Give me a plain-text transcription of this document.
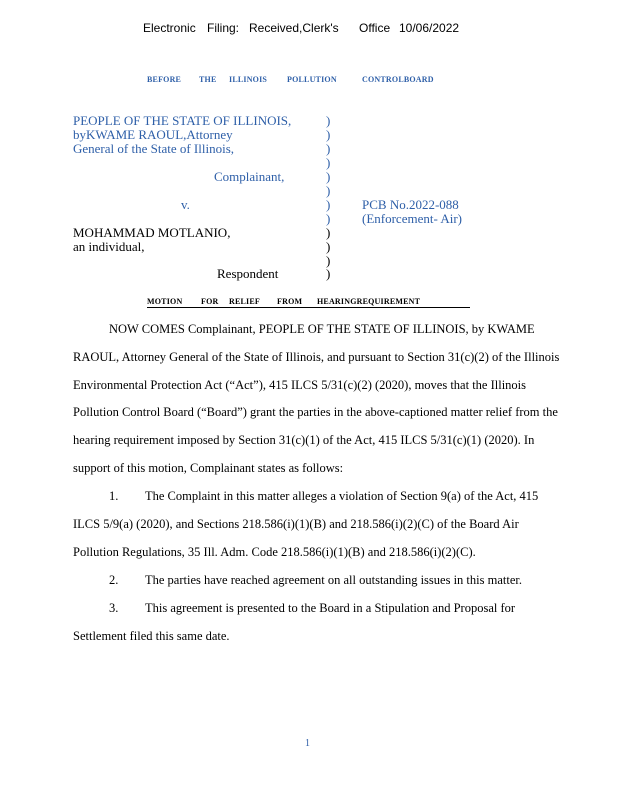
Electronic Filing: Received,Clerk's Office 10/06/2022
BEFORE THE ILLINOIS POLLUTION	CONTROLBOARD
PEOPLE OF THE STATE OF ILLINOIS,
byKWAME RAOUL,Attorney
General of the State of Illinois,
Complainant,
v.
MOHAMMAD MOTLANIO,
an individual,
Respondent
PCB No.2022-088
(Enforcement- Air)
)
)
)
)
)
)
)
)
)
)
)
)
MOTION FOR RELIEF FROM HEARINGREQUIREMENT
NOW COMES Complainant, PEOPLE OF THE STATE OF ILLINOIS, by KWAME
RAOUL, Attorney General of the State of Illinois, and pursuant to Section 31(c)(2) of the Illinois
Environmental Protection Act (“Act”), 415 ILCS 5/31(c)(2) (2020), moves that the Illinois
Pollution Control Board (“Board”) grant the parties in the above-captioned matter relief from the
hearing requirement imposed by Section 31(c)(1) of the Act, 415 ILCS 5/31(c)(1) (2020). In
support of this motion, Complainant states as follows:
1. The Complaint in this matter alleges a violation of Section 9(a) of the Act, 415
ILCS 5/9(a) (2020), and Sections 218.586(i)(1)(B) and 218.586(i)(2)(C) of the Board Air
Pollution Regulations, 35 Ill. Adm. Code 218.586(i)(1)(B) and 218.586(i)(2)(C).
2. The parties have reached agreement on all outstanding issues in this matter.
3. This agreement is presented to the Board in a Stipulation and Proposal for
Settlement filed this same date.
1
